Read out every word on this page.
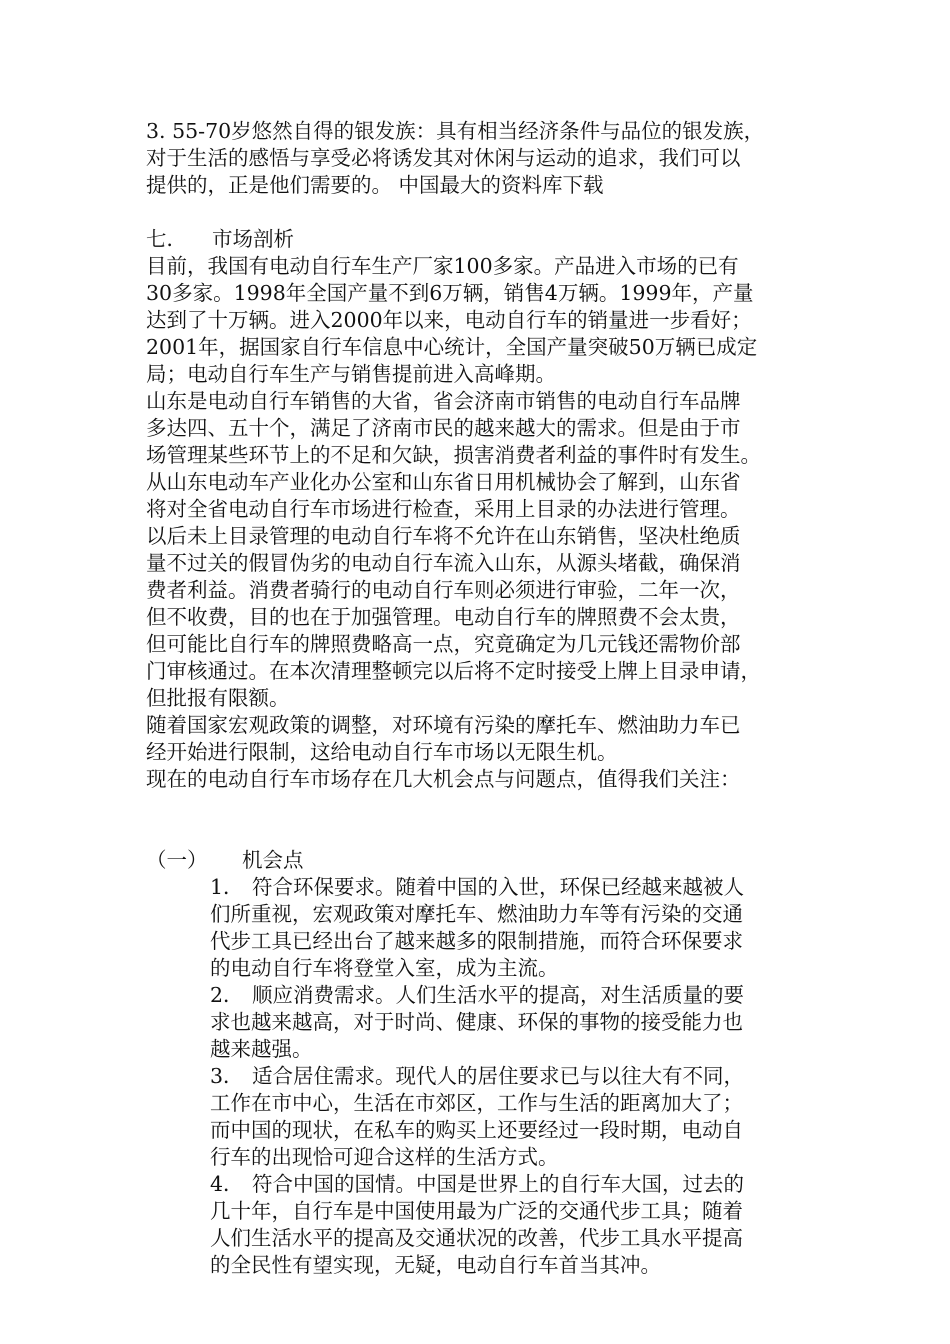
3. 55-70岁悠然自得的银发族：具有相当经济条件与品位的银发族，
对于生活的感悟与享受必将诱发其对休闲与运动的追求，我们可以
提供的，正是他们需要的。 中国最大的资料库下载
七． 市场剖析
目前，我国有电动自行车生产厂家100多家。产品进入市场的已有
30多家。1998年全国产量不到6万辆，销售4万辆。1999年，产量
达到了十万辆。进入2000年以来，电动自行车的销量进一步看好；
2001年，据国家自行车信息中心统计，全国产量突破50万辆已成定
局；电动自行车生产与销售提前进入高峰期。
山东是电动自行车销售的大省，省会济南市销售的电动自行车品牌
多达四、五十个，满足了济南市民的越来越大的需求。但是由于市
场管理某些环节上的不足和欠缺，损害消费者利益的事件时有发生。
从山东电动车产业化办公室和山东省日用机械协会了解到，山东省
将对全省电动自行车市场进行检查，采用上目录的办法进行管理。
以后未上目录管理的电动自行车将不允许在山东销售，坚决杜绝质
量不过关的假冒伪劣的电动自行车流入山东，从源头堵截，确保消
费者利益。消费者骑行的电动自行车则必须进行审验，二年一次，
但不收费，目的也在于加强管理。电动自行车的牌照费不会太贵，
但可能比自行车的牌照费略高一点，究竟确定为几元钱还需物价部
门审核通过。在本次清理整顿完以后将不定时接受上牌上目录申请，
但批报有限额。
随着国家宏观政策的调整，对环境有污染的摩托车、燃油助力车已
经开始进行限制，这给电动自行车市场以无限生机。
现在的电动自行车市场存在几大机会点与问题点，值得我们关注：
（一） 机会点
1． 符合环保要求。随着中国的入世，环保已经越来越被人
们所重视，宏观政策对摩托车、燃油助力车等有污染的交通
代步工具已经出台了越来越多的限制措施，而符合环保要求
的电动自行车将登堂入室，成为主流。
2． 顺应消费需求。人们生活水平的提高，对生活质量的要
求也越来越高，对于时尚、健康、环保的事物的接受能力也
越来越强。
3． 适合居住需求。现代人的居住要求已与以往大有不同，
工作在市中心，生活在市郊区，工作与生活的距离加大了；
而中国的现状，在私车的购买上还要经过一段时期，电动自
行车的出现恰可迎合这样的生活方式。
4． 符合中国的国情。中国是世界上的自行车大国，过去的
几十年，自行车是中国使用最为广泛的交通代步工具；随着
人们生活水平的提高及交通状况的改善，代步工具水平提高
的全民性有望实现，无疑，电动自行车首当其冲。
